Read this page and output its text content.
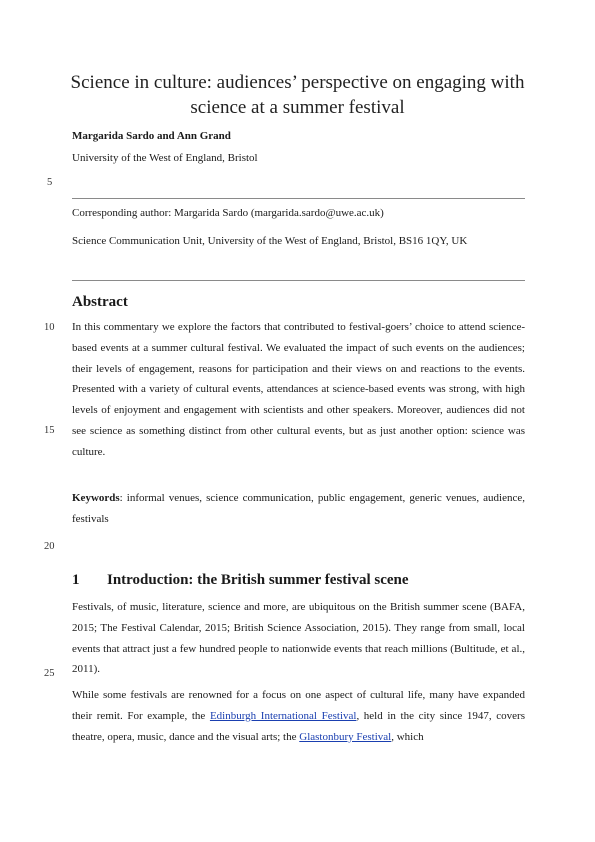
Science in culture: audiences’ perspective on engaging with science at a summer festival
Margarida Sardo and Ann Grand
University of the West of England, Bristol
5
10
15
20
25
Corresponding author: Margarida Sardo (margarida.sardo@uwe.ac.uk)
Science Communication Unit, University of the West of England, Bristol, BS16 1QY, UK
Abstract

In this commentary we explore the factors that contributed to festival-goers’ choice to attend science-based events at a summer cultural festival. We evaluated the impact of such events on the audiences; their levels of engagement, reasons for participation and their views on and reactions to the events. Presented with a variety of cultural events, attendances at science-based events was strong, with high levels of enjoyment and engagement with scientists and other speakers. Moreover, audiences did not see science as something distinct from other cultural events, but as just another option: science was culture.

Keywords: informal venues, science communication, public engagement, generic venues, audience, festivals

1 Introduction: the British summer festival scene

Festivals, of music, literature, science and more, are ubiquitous on the British summer scene (BAFA, 2015; The Festival Calendar, 2015; British Science Association, 2015). They range from small, local events that attract just a few hundred people to nationwide events that reach millions (Bultitude, et al., 2011).

While some festivals are renowned for a focus on one aspect of cultural life, many have expanded their remit. For example, the Edinburgh International Festival, held in the city since 1947, covers theatre, opera, music, dance and the visual arts; the Glastonbury Festival, which
